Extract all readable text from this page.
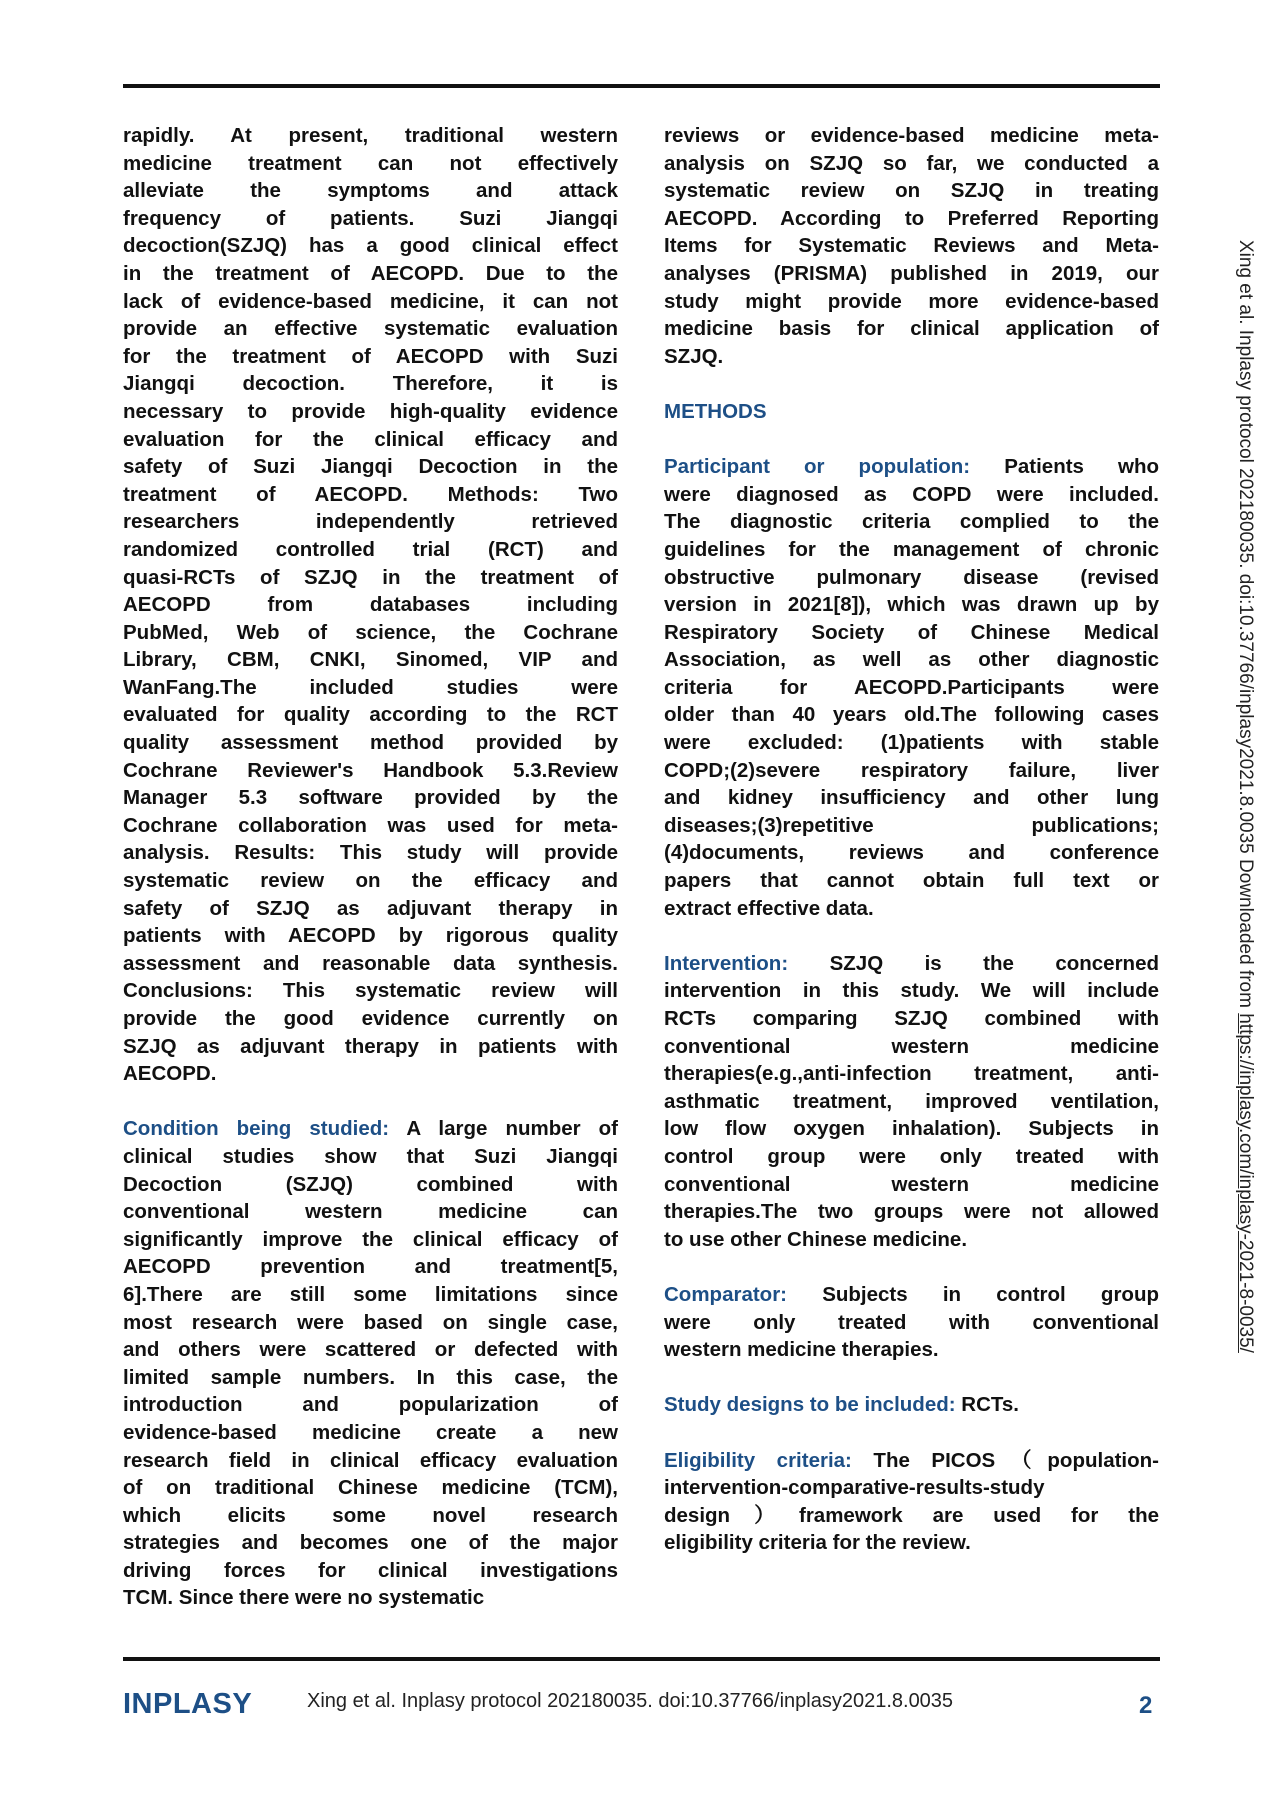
rapidly. At present, traditional western
medicine treatment can not effectively
alleviate the symptoms and attack
frequency of patients. Suzi Jiangqi
decoction(SZJQ) has a good clinical effect
in the treatment of AECOPD. Due to the
lack of evidence-based medicine, it can not
provide an effective systematic evaluation
for the treatment of AECOPD with Suzi
Jiangqi decoction. Therefore, it is
necessary to provide high-quality evidence
evaluation for the clinical efficacy and
safety of Suzi Jiangqi Decoction in the
treatment of AECOPD. Methods: Two
researchers independently retrieved
randomized controlled trial (RCT) and
quasi-RCTs of SZJQ in the treatment of
AECOPD from databases including
PubMed, Web of science, the Cochrane
Library, CBM, CNKI, Sinomed, VIP and
WanFang.The included studies were
evaluated for quality according to the RCT
quality assessment method provided by
Cochrane Reviewer's Handbook 5.3.Review
Manager 5.3 software provided by the
Cochrane collaboration was used for meta-
analysis. Results: This study will provide
systematic review on the efficacy and
safety of SZJQ as adjuvant therapy in
patients with AECOPD by rigorous quality
assessment and reasonable data synthesis.
Conclusions: This systematic review will
provide the good evidence currently on
SZJQ as adjuvant therapy in patients with
AECOPD.
Condition being studied: A large number of
clinical studies show that Suzi Jiangqi
Decoction (SZJQ) combined with
conventional western medicine can
significantly improve the clinical efficacy of
AECOPD prevention and treatment[5,
6].There are still some limitations since
most research were based on single case,
and others were scattered or defected with
limited sample numbers. In this case, the
introduction and popularization of
evidence-based medicine create a new
research field in clinical efficacy evaluation
of on traditional Chinese medicine (TCM),
which elicits some novel research
strategies and becomes one of the major
driving forces for clinical investigations
TCM. Since there were no systematic
reviews or evidence-based medicine meta-
analysis on SZJQ so far, we conducted a
systematic review on SZJQ in treating
AECOPD. According to Preferred Reporting
Items for Systematic Reviews and Meta-
analyses (PRISMA) published in 2019, our
study might provide more evidence-based
medicine basis for clinical application of
SZJQ.
METHODS
Participant or population: Patients who
were diagnosed as COPD were included.
The diagnostic criteria complied to the
guidelines for the management of chronic
obstructive pulmonary disease (revised
version in 2021[8]), which was drawn up by
Respiratory Society of Chinese Medical
Association, as well as other diagnostic
criteria for AECOPD.Participants were
older than 40 years old.The following cases
were excluded: (1)patients with stable
COPD;(2)severe respiratory failure, liver
and kidney insufficiency and other lung
diseases;(3)repetitive publications;
(4)documents, reviews and conference
papers that cannot obtain full text or
extract effective data.
Intervention: SZJQ is the concerned
intervention in this study. We will include
RCTs comparing SZJQ combined with
conventional western medicine
therapies(e.g.,anti-infection treatment, anti-
asthmatic treatment, improved ventilation,
low flow oxygen inhalation). Subjects in
control group were only treated with
conventional western medicine
therapies.The two groups were not allowed
to use other Chinese medicine.
Comparator: Subjects in control group
were only treated with conventional
western medicine therapies.
Study designs to be included: RCTs.
Eligibility criteria: The PICOS（population-
intervention-comparative-results-study
design）framework are used for the
eligibility criteria for the review.
Xing et al. Inplasy protocol 202180035. doi:10.37766/inplasy2021.8.0035 Downloaded from https://inplasy.com/inplasy-2021-8-0035/
INPLASY	Xing et al. Inplasy protocol 202180035. doi:10.37766/inplasy2021.8.0035	2
